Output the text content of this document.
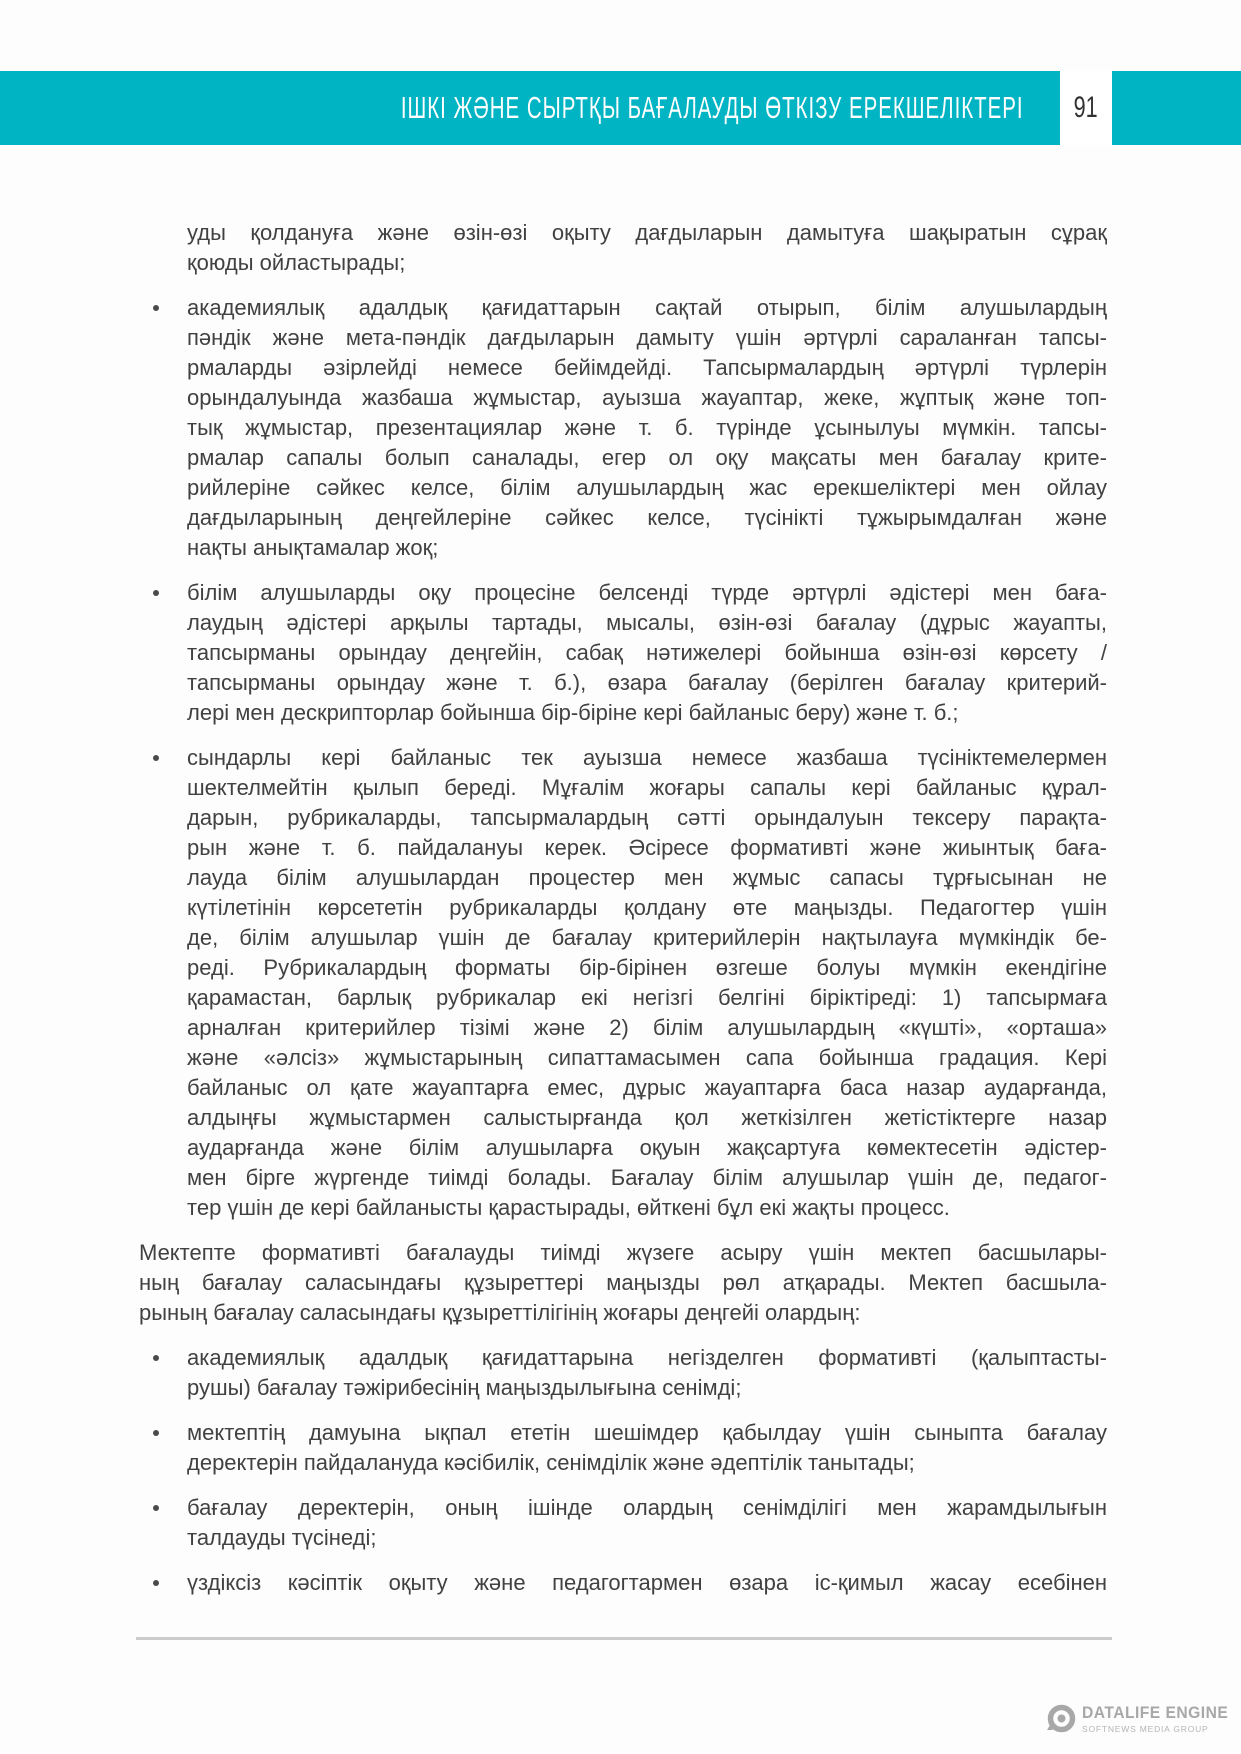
ІШКІ ЖӘНЕ СЫРТҚЫ БАҒАЛАУДЫ ӨТКІЗУ ЕРЕКШЕЛІКТЕРІ 91
уды қолдануға және өзін-өзі оқыту дағдыларын дамытуға шақыратын сұрақ
қоюды ойластырады;
академиялық адалдық қағидаттарын сақтай отырып, білім алушылардың
пәндік және мета-пәндік дағдыларын дамыту үшін әртүрлі сараланған тапсы-
рмаларды әзірлейді немесе бейімдейді. Тапсырмалардың әртүрлі түрлерін
орындалуында жазбаша жұмыстар, ауызша жауаптар, жеке, жұптық және топ-
тық жұмыстар, презентациялар және т. б. түрінде ұсынылуы мүмкін. тапсы-
рмалар сапалы болып саналады, егер ол оқу мақсаты мен бағалау крите-
рийлеріне сәйкес келсе, білім алушылардың жас ерекшеліктері мен ойлау
дағдыларының деңгейлеріне сәйкес келсе, түсінікті тұжырымдалған және
нақты анықтамалар жоқ;
білім алушыларды оқу процесіне белсенді түрде әртүрлі әдістері мен баға-
лаудың әдістері арқылы тартады, мысалы, өзін-өзі бағалау (дұрыс жауапты,
тапсырманы орындау деңгейін, сабақ нәтижелері бойынша өзін-өзі көрсету /
тапсырманы орындау және т. б.), өзара бағалау (берілген бағалау критерий-
лері мен дескрипторлар бойынша бір-біріне кері байланыс беру) және т. б.;
сындарлы кері байланыс тек ауызша немесе жазбаша түсініктемелермен
шектелмейтін қылып береді. Мұғалім жоғары сапалы кері байланыс құрал-
дарын, рубрикаларды, тапсырмалардың сәтті орындалуын тексеру парақта-
рын және т. б. пайдалануы керек. Әсіресе формативті және жиынтық баға-
лауда білім алушылардан процестер мен жұмыс сапасы тұрғысынан не
күтілетінін көрсететін рубрикаларды қолдану өте маңызды. Педагогтер үшін
де, білім алушылар үшін де бағалау критерийлерін нақтылауға мүмкіндік бе-
реді. Рубрикалардың форматы бір-бірінен өзгеше болуы мүмкін екендігіне
қарамастан, барлық рубрикалар екі негізгі белгіні біріктіреді: 1) тапсырмаға
арналған критерийлер тізімі және 2) білім алушылардың «күшті», «орташа»
және «әлсіз» жұмыстарының сипаттамасымен сапа бойынша градация. Кері
байланыс ол қате жауаптарға емес, дұрыс жауаптарға баса назар аударғанда,
алдыңғы жұмыстармен салыстырғанда қол жеткізілген жетістіктерге назар
аударғанда және білім алушыларға оқуын жақсартуға көмектесетін әдістер-
мен бірге жүргенде тиімді болады. Бағалау білім алушылар үшін де, педагог-
тер үшін де кері байланысты қарастырады, өйткені бұл екі жақты процесс.
Мектепте формативті бағалауды тиімді жүзеге асыру үшін мектеп басшылары-
ның бағалау саласындағы құзыреттері маңызды рөл атқарады. Мектеп басшыла-
рының бағалау саласындағы құзыреттілігінің жоғары деңгейі олардың:
академиялық адалдық қағидаттарына негізделген формативті (қалыптасты-
рушы) бағалау тәжірибесінің маңыздылығына сенімді;
мектептің дамуына ықпал ететін шешімдер қабылдау үшін сыныпта бағалау
деректерін пайдалануда кәсібилік, сенімділік және әдептілік танытады;
бағалау деректерін, оның ішінде олардың сенімділігі мен жарамдылығын
талдауды түсінеді;
үздіксіз кәсіптік оқыту және педагогтармен өзара іс-қимыл жасау есебінен
DATALIFE ENGINE
SOFTNEWS MEDIA GROUP
